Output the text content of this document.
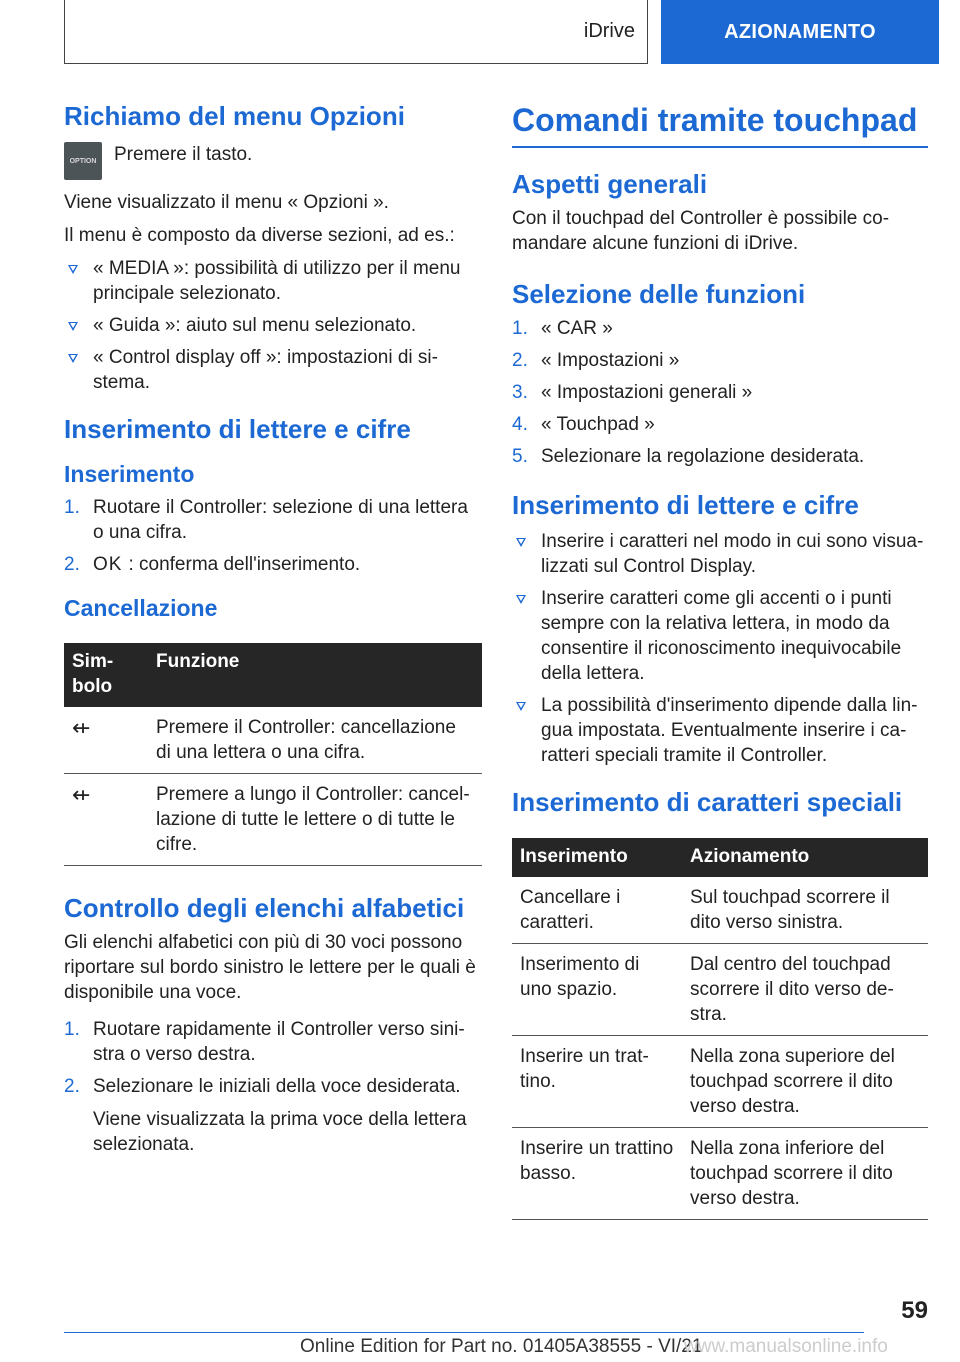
iDrive	AZIONAMENTO
Richiamo del menu Opzioni
OPTION Premere il tasto.

Viene visualizzato il menu « Opzioni ».

Il menu è composto da diverse sezioni, ad es.:

« MEDIA »: possibilità di utilizzo per il menu principale selezionato.
« Guida »: aiuto sul menu selezionato.
« Control display off »: impostazioni di sistema.
Inserimento di lettere e cifre
Inserimento
1. Ruotare il Controller: selezione di una lettera o una cifra.
2. OK : conferma dell'inserimento.
Cancellazione
Sim-bolo	Funzione
⇷	Premere il Controller: cancellazione di una lettera o una cifra.
⇷	Premere a lungo il Controller: cancellazione di tutte le lettere o di tutte le cifre.
Controllo degli elenchi alfabetici

Gli elenchi alfabetici con più di 30 voci possono riportare sul bordo sinistro le lettere per le quali è disponibile una voce.

1. Ruotare rapidamente il Controller verso sinistra o verso destra.
2. Selezionare le iniziali della voce desiderata.

Viene visualizzata la prima voce della lettera selezionata.

Comandi tramite touchpad
Aspetti generali

Con il touchpad del Controller è possibile comandare alcune funzioni di iDrive.

Selezione delle funzioni
1. « CAR »
2. « Impostazioni »
3. « Impostazioni generali »
4. « Touchpad »
5. Selezionare la regolazione desiderata.
Inserimento di lettere e cifre
Inserire i caratteri nel modo in cui sono visualizzati sul Control Display.
Inserire caratteri come gli accenti o i punti sempre con la relativa lettera, in modo da consentire il riconoscimento inequivocabile della lettera.
La possibilità d'inserimento dipende dalla lingua impostata. Eventualmente inserire i caratteri speciali tramite il Controller.
Inserimento di caratteri speciali
Inserimento	Azionamento
Cancellare i caratteri.	Sul touchpad scorrere il dito verso sinistra.
Inserimento di uno spazio.	Dal centro del touchpad scorrere il dito verso destra.
Inserire un trattino.	Nella zona superiore del touchpad scorrere il dito verso destra.
Inserire un trattino basso.	Nella zona inferiore del touchpad scorrere il dito verso destra.
59
Online Edition for Part no. 01405A38555 - VI/21
www.manualsonline.info
